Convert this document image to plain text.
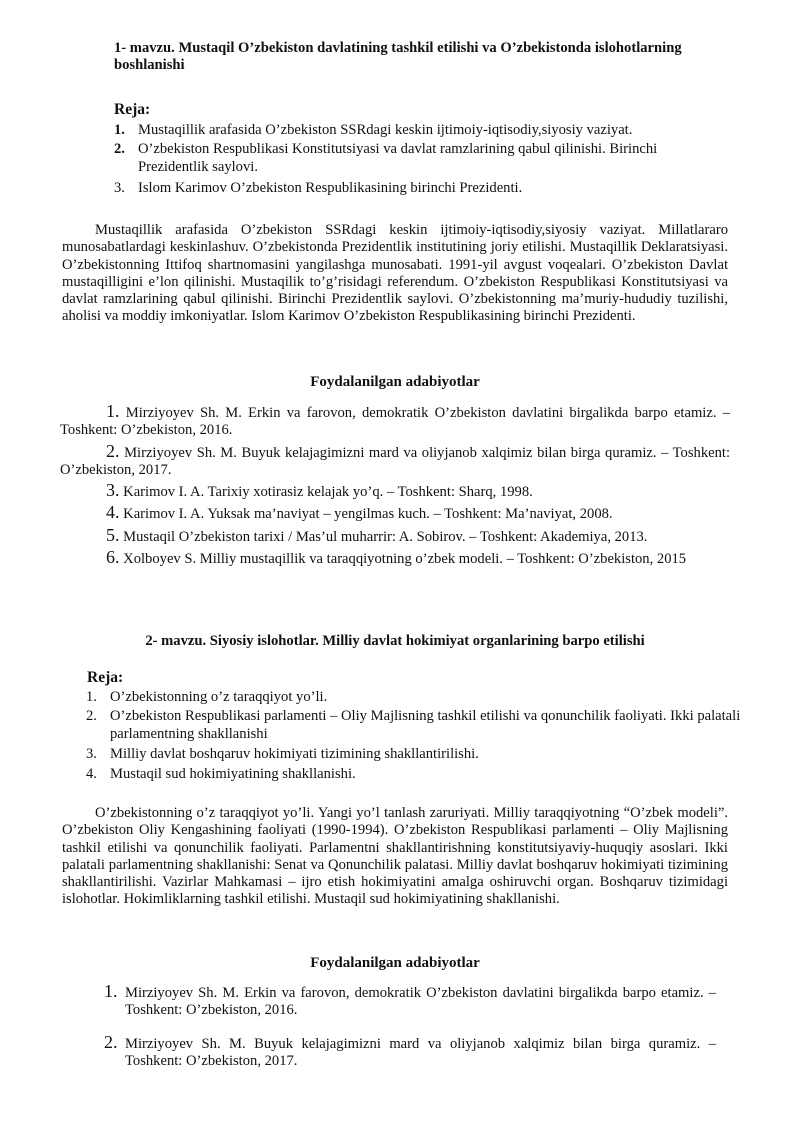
1- mavzu. Mustaqil O’zbekiston davlatining tashkil etilishi va O’zbekistonda islohotlarning boshlanishi
Reja:
1. Mustaqillik arafasida O’zbekiston SSRdagi keskin ijtimoiy-iqtisodiy,siyosiy vaziyat.
2. O’zbekiston Respublikasi Konstitutsiyasi va davlat ramzlarining qabul qilinishi. Birinchi Prezidentlik saylovi.
3. Islom Karimov O’zbekiston Respublikasining birinchi Prezidenti.
Mustaqillik arafasida O’zbekiston SSRdagi keskin ijtimoiy-iqtisodiy,siyosiy vaziyat. Millatlararo munosabatlardagi keskinlashuv. O’zbekistonda Prezidentlik institutining joriy etilishi. Mustaqillik Deklaratsiyasi. O’zbekistonning Ittifoq shartnomasini yangilashga munosabati. 1991-yil avgust voqealari. O’zbekiston Davlat mustaqilligini e’lon qilinishi. Mustaqilik to’g’risidagi referendum. O’zbekiston Respublikasi Konstitutsiyasi va davlat ramzlarining qabul qilinishi. Birinchi Prezidentlik saylovi. O’zbekistonning ma’muriy-hududiy tuzilishi, aholisi va moddiy imkoniyatlar. Islom Karimov O’zbekiston Respublikasining birinchi Prezidenti.
Foydalanilgan adabiyotlar
1. Mirziyoyev Sh. M. Erkin va farovon, demokratik O’zbekiston davlatini birgalikda barpo etamiz. – Toshkent: O’zbekiston, 2016.
2. Mirziyoyev Sh. M. Buyuk kelajagimizni mard va oliyjanob xalqimiz bilan birga quramiz. – Toshkent: O’zbekiston, 2017.
3. Karimov I. A. Tarixiy xotirasiz kelajak yo’q. – Toshkent: Sharq, 1998.
4. Karimov I. A. Yuksak ma’naviyat – yengilmas kuch. – Toshkent: Ma’naviyat, 2008.
5. Mustaqil O’zbekiston tarixi / Mas’ul muharrir: A. Sobirov. – Toshkent: Akademiya, 2013.
6. Xolboyev S. Milliy mustaqillik va taraqqiyotning o’zbek modeli. – Toshkent: O’zbekiston, 2015
2- mavzu. Siyosiy islohotlar. Milliy davlat hokimiyat organlarining barpo etilishi
Reja:
1. O’zbekistonning o’z taraqqiyot yo’li.
2. O’zbekiston Respublikasi parlamenti – Oliy Majlisning tashkil etilishi va qonunchilik faoliyati. Ikki palatali parlamentning shakllanishi
3. Milliy davlat boshqaruv hokimiyati tizimining shakllantirilishi.
4. Mustaqil sud hokimiyatining shakllanishi.
O’zbekistonning o’z taraqqiyot yo’li. Yangi yo’l tanlash zaruriyati. Milliy taraqqiyotning “O’zbek modeli”. O’zbekiston Oliy Kengashining faoliyati (1990-1994). O’zbekiston Respublikasi parlamenti – Oliy Majlisning tashkil etilishi va qonunchilik faoliyati. Parlamentni shakllantirishning konstitutsiyaviy-huquqiy asoslari. Ikki palatali parlamentning shakllanishi: Senat va Qonunchilik palatasi. Milliy davlat boshqaruv hokimiyati tizimining shakllantirilishi. Vazirlar Mahkamasi – ijro etish hokimiyatini amalga oshiruvchi organ. Boshqaruv tizimidagi islohotlar. Hokimliklarning tashkil etilishi. Mustaqil sud hokimiyatining shakllanishi.
Foydalanilgan adabiyotlar
1. Mirziyoyev Sh. M. Erkin va farovon, demokratik O’zbekiston davlatini birgalikda barpo etamiz. – Toshkent: O’zbekiston, 2016.
2. Mirziyoyev Sh. M. Buyuk kelajagimizni mard va oliyjanob xalqimiz bilan birga quramiz. – Toshkent: O’zbekiston, 2017.
